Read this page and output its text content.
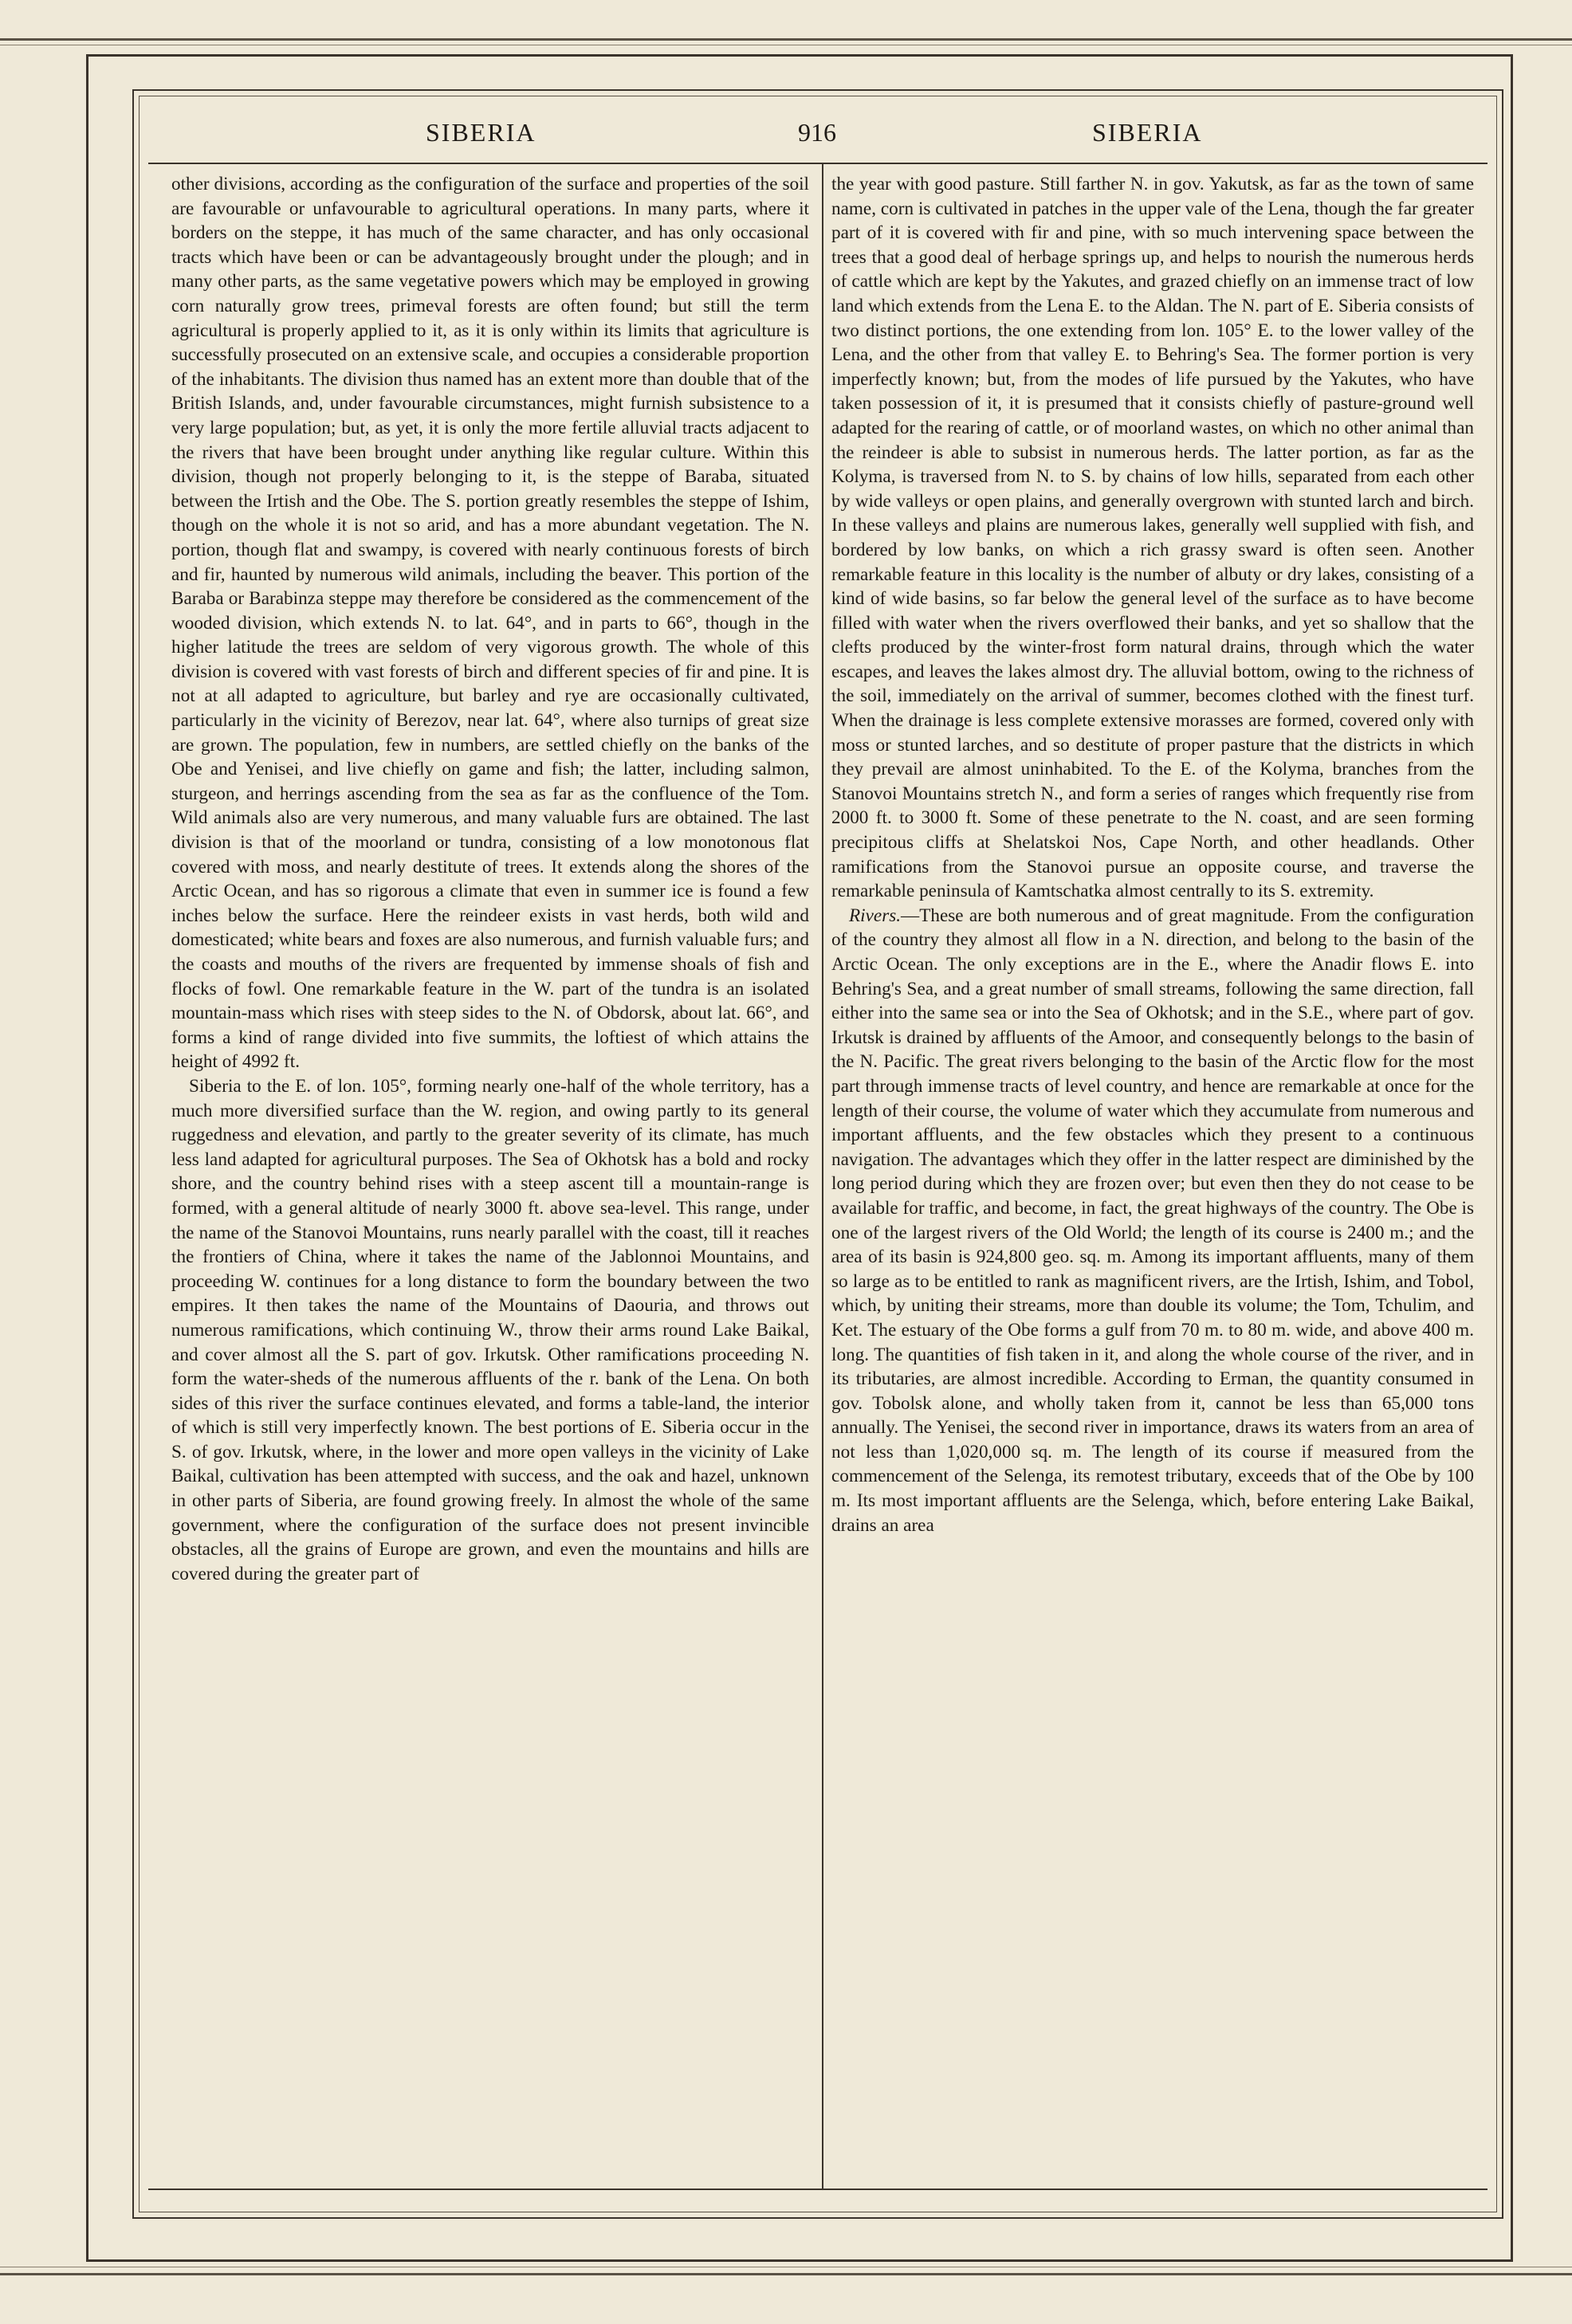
SIBERIA	916	SIBERIA

other divisions, according as the configuration of the surface and properties of the soil are favourable or unfavourable to agricultural operations. In many parts, where it borders on the steppe, it has much of the same character, and has only occasional tracts which have been or can be advantageously brought under the plough; and in many other parts, as the same vegetative powers which may be employed in growing corn naturally grow trees, primeval forests are often found; but still the term agricultural is properly applied to it, as it is only within its limits that agriculture is successfully prosecuted on an extensive scale, and occupies a considerable proportion of the inhabitants. The division thus named has an extent more than double that of the British Islands, and, under favourable circumstances, might furnish subsistence to a very large population; but, as yet, it is only the more fertile alluvial tracts adjacent to the rivers that have been brought under anything like regular culture. Within this division, though not properly belonging to it, is the steppe of Baraba, situated between the Irtish and the Obe. The S. portion greatly resembles the steppe of Ishim, though on the whole it is not so arid, and has a more abundant vegetation. The N. portion, though flat and swampy, is covered with nearly continuous forests of birch and fir, haunted by numerous wild animals, including the beaver. This portion of the Baraba or Barabinza steppe may therefore be considered as the commencement of the wooded division, which extends N. to lat. 64°, and in parts to 66°, though in the higher latitude the trees are seldom of very vigorous growth. The whole of this division is covered with vast forests of birch and different species of fir and pine. It is not at all adapted to agriculture, but barley and rye are occasionally cultivated, particularly in the vicinity of Berezov, near lat. 64°, where also turnips of great size are grown. The population, few in numbers, are settled chiefly on the banks of the Obe and Yenisei, and live chiefly on game and fish; the latter, including salmon, sturgeon, and herrings ascending from the sea as far as the confluence of the Tom. Wild animals also are very numerous, and many valuable furs are obtained. The last division is that of the moorland or tundra, consisting of a low monotonous flat covered with moss, and nearly destitute of trees. It extends along the shores of the Arctic Ocean, and has so rigorous a climate that even in summer ice is found a few inches below the surface. Here the reindeer exists in vast herds, both wild and domesticated; white bears and foxes are also numerous, and furnish valuable furs; and the coasts and mouths of the rivers are frequented by immense shoals of fish and flocks of fowl. One remarkable feature in the W. part of the tundra is an isolated mountain-mass which rises with steep sides to the N. of Obdorsk, about lat. 66°, and forms a kind of range divided into five summits, the loftiest of which attains the height of 4992 ft.

Siberia to the E. of lon. 105°, forming nearly one-half of the whole territory, has a much more diversified surface than the W. region, and owing partly to its general ruggedness and elevation, and partly to the greater severity of its climate, has much less land adapted for agricultural purposes. The Sea of Okhotsk has a bold and rocky shore, and the country behind rises with a steep ascent till a mountain-range is formed, with a general altitude of nearly 3000 ft. above sea-level. This range, under the name of the Stanovoi Mountains, runs nearly parallel with the coast, till it reaches the frontiers of China, where it takes the name of the Jablonnoi Mountains, and proceeding W. continues for a long distance to form the boundary between the two empires. It then takes the name of the Mountains of Daouria, and throws out numerous ramifications, which continuing W., throw their arms round Lake Baikal, and cover almost all the S. part of gov. Irkutsk. Other ramifications proceeding N. form the water-sheds of the numerous affluents of the r. bank of the Lena. On both sides of this river the surface continues elevated, and forms a table-land, the interior of which is still very imperfectly known. The best portions of E. Siberia occur in the S. of gov. Irkutsk, where, in the lower and more open valleys in the vicinity of Lake Baikal, cultivation has been attempted with success, and the oak and hazel, unknown in other parts of Siberia, are found growing freely. In almost the whole of the same government, where the configuration of the surface does not present invincible obstacles, all the grains of Europe are grown, and even the mountains and hills are covered during the greater part of

the year with good pasture. Still farther N. in gov. Yakutsk, as far as the town of same name, corn is cultivated in patches in the upper vale of the Lena, though the far greater part of it is covered with fir and pine, with so much intervening space between the trees that a good deal of herbage springs up, and helps to nourish the numerous herds of cattle which are kept by the Yakutes, and grazed chiefly on an immense tract of low land which extends from the Lena E. to the Aldan. The N. part of E. Siberia consists of two distinct portions, the one extending from lon. 105° E. to the lower valley of the Lena, and the other from that valley E. to Behring's Sea. The former portion is very imperfectly known; but, from the modes of life pursued by the Yakutes, who have taken possession of it, it is presumed that it consists chiefly of pasture-ground well adapted for the rearing of cattle, or of moorland wastes, on which no other animal than the reindeer is able to subsist in numerous herds. The latter portion, as far as the Kolyma, is traversed from N. to S. by chains of low hills, separated from each other by wide valleys or open plains, and generally overgrown with stunted larch and birch. In these valleys and plains are numerous lakes, generally well supplied with fish, and bordered by low banks, on which a rich grassy sward is often seen. Another remarkable feature in this locality is the number of albuty or dry lakes, consisting of a kind of wide basins, so far below the general level of the surface as to have become filled with water when the rivers overflowed their banks, and yet so shallow that the clefts produced by the winter-frost form natural drains, through which the water escapes, and leaves the lakes almost dry. The alluvial bottom, owing to the richness of the soil, immediately on the arrival of summer, becomes clothed with the finest turf. When the drainage is less complete extensive morasses are formed, covered only with moss or stunted larches, and so destitute of proper pasture that the districts in which they prevail are almost uninhabited. To the E. of the Kolyma, branches from the Stanovoi Mountains stretch N., and form a series of ranges which frequently rise from 2000 ft. to 3000 ft. Some of these penetrate to the N. coast, and are seen forming precipitous cliffs at Shelatskoi Nos, Cape North, and other headlands. Other ramifications from the Stanovoi pursue an opposite course, and traverse the remarkable peninsula of Kamtschatka almost centrally to its S. extremity.

Rivers.—These are both numerous and of great magnitude. From the configuration of the country they almost all flow in a N. direction, and belong to the basin of the Arctic Ocean. The only exceptions are in the E., where the Anadir flows E. into Behring's Sea, and a great number of small streams, following the same direction, fall either into the same sea or into the Sea of Okhotsk; and in the S.E., where part of gov. Irkutsk is drained by affluents of the Amoor, and consequently belongs to the basin of the N. Pacific. The great rivers belonging to the basin of the Arctic flow for the most part through immense tracts of level country, and hence are remarkable at once for the length of their course, the volume of water which they accumulate from numerous and important affluents, and the few obstacles which they present to a continuous navigation. The advantages which they offer in the latter respect are diminished by the long period during which they are frozen over; but even then they do not cease to be available for traffic, and become, in fact, the great highways of the country. The Obe is one of the largest rivers of the Old World; the length of its course is 2400 m.; and the area of its basin is 924,800 geo. sq. m. Among its important affluents, many of them so large as to be entitled to rank as magnificent rivers, are the Irtish, Ishim, and Tobol, which, by uniting their streams, more than double its volume; the Tom, Tchulim, and Ket. The estuary of the Obe forms a gulf from 70 m. to 80 m. wide, and above 400 m. long. The quantities of fish taken in it, and along the whole course of the river, and in its tributaries, are almost incredible. According to Erman, the quantity consumed in gov. Tobolsk alone, and wholly taken from it, cannot be less than 65,000 tons annually. The Yenisei, the second river in importance, draws its waters from an area of not less than 1,020,000 sq. m. The length of its course if measured from the commencement of the Selenga, its remotest tributary, exceeds that of the Obe by 100 m. Its most important affluents are the Selenga, which, before entering Lake Baikal, drains an area
